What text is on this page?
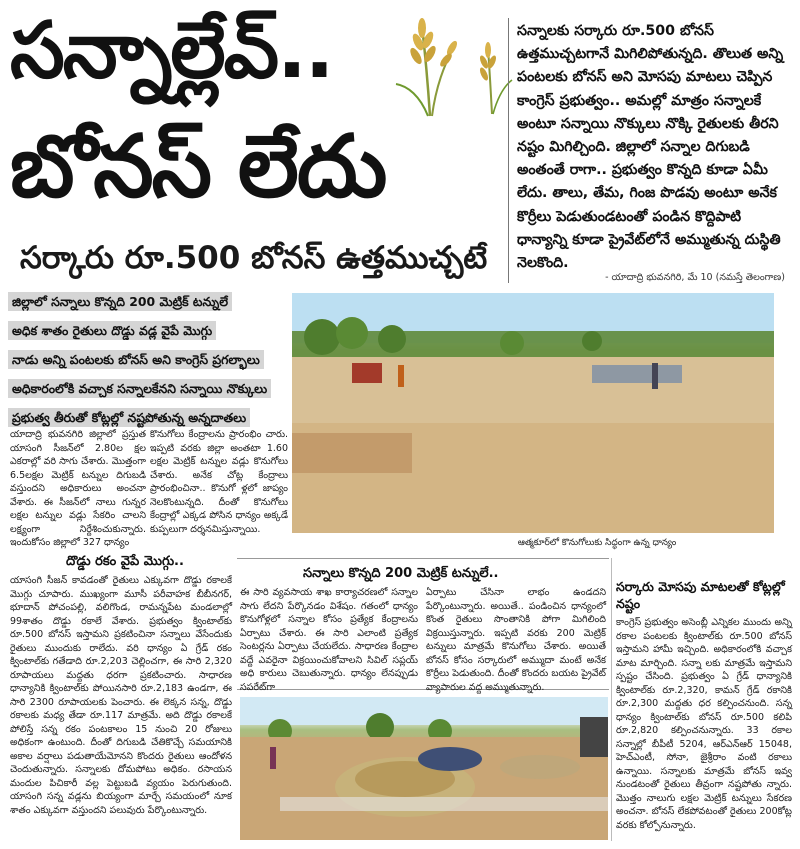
సన్నాల్లేవ్..
బోనస్ లేదు
సర్కారు రూ.500 బోనస్ ఉత్తముచ్చటే
సన్నాలకు సర్కారు రూ.500 బోనస్ ఉత్తముచ్చటగానే మిగిలిపోతున్నది. తొలుత అన్ని పంటలకు బోనస్ అని మోసపు మాటలు చెప్పిన కాంగ్రెస్ ప్రభుత్వం.. అమల్లో మాత్రం సన్నాలకే అంటూ సన్నాయి నొక్కులు నొక్కి రైతులకు తీరని నష్టం మిగిల్చింది. జిల్లాలో సన్నాల దిగుబడి అంతంతే రాగా.. ప్రభుత్వం కొన్నది కూడా ఏమీ లేదు. తాలు, తేమ, గింజ పొడవు అంటూ అనేక కొర్రీలు పెడుతుండటంతో పండిన కొద్దిపాటి ధాన్యాన్ని కూడా ప్రైవేట్‌లోనే అమ్ముతున్న దుస్థితి నెలకొంది.
- యాదాద్రి భువనగిరి, మే 10 (నమస్తే తెలంగాణ)
జిల్లాలో సన్నాలు కొన్నది 200 మెట్రిక్ టన్నులే
అధిక శాతం రైతులు దొడ్డు వడ్ల వైపే మొగ్గు
నాడు అన్ని పంటలకు బోనస్ అని కాంగ్రెస్ ప్రగల్భాలు
అధికారంలోకి వచ్చాక సన్నాలకేనని సన్నాయి నొక్కులు
ప్రభుత్వ తీరుతో కోట్లల్లో నష్టపోతున్న అన్నదాతలు
ఆత్మకూర్‌లో కొనుగోలుకు సిద్ధంగా ఉన్న ధాన్యం
యాదాద్రి భువనగిరి జిల్లాలో ప్రస్తుత యాసంగి సీజన్‌లో 2.80ల క్షల ఎకరాల్లో వరి సాగు చేశారు. మొత్తంగా 6.5లక్షల మెట్రిక్ టన్నుల దిగుబడి వస్తుందని అధికారులు అంచనా వేశారు. ఈ సీజన్‌లో నాలు గున్నర లక్షల టన్నుల వడ్లు సేకరిం చాలని లక్ష్యంగా నిర్దేశించుకున్నారు. ఇందుకోసం జిల్లాలో 327 ధాన్యం
కొనుగోలు కేంద్రాలను ప్రారంభిం చారు. ఇప్పటి వరకు జిల్లా అంతటా 1.60 లక్షల మెట్రిక్ టన్నుల వడ్లు కొనుగోలు చేశారు. అనేక చోట్ల కేంద్రాలు ప్రారంభించినా.. కొనుగో ళ్లలో జాప్యం నెలకొంటున్నది. దీంతో కొనుగోలు కేంద్రాల్లో ఎక్కడ పోసిన ధాన్యం అక్కడే కుప్పలుగా దర్శనమిస్తున్నాయి.
దొడ్డు రకం వైపే మొగ్గు..
యాసంగి సీజన్ కావడంతో రైతులు ఎక్కువగా దొడ్డు రకాలకే మొగ్గు చూపారు. ముఖ్యంగా మూసీ పరీవాహక బీబీనగర్, భూదాన్ పోచంపల్లి, వలిగొండ, రామన్నపేట మండలాల్లో 99శాతం దొడ్డు రకాలే వేశారు. ప్రభుత్వం క్వింటాల్‌కు రూ.500 బోనస్ ఇస్తామని ప్రకటించినా సన్నాలు వేసేందుకు రైతులు ముందుకు రాలేదు. వరి ధాన్యం ఏ గ్రేడ్ రకం క్వింటాల్‌కు గతేడాది రూ.2,203 చెల్లించగా, ఈ సారి 2,320 రూపాయలు మద్దతు ధరగా ప్రకటించారు. సాధారణ ధాన్యానికి క్వింటాల్‌కు పోయినసారి రూ.2,183 ఉండగా, ఈ సారి 2300 రూపాయలకు పెంచారు. ఈ లెక్కన సన్న, దొడ్డు రకాలకు మధ్య తేడా రూ.117 మాత్రమే. అది దొడ్డు రకాలకే పోలిస్తే సన్న రకం పంటకాలం 15 నుంచి 20 రోజులు అధికంగా ఉంటుంది. దీంతో దిగుబడి చేతికొచ్చే సమయానికి అకాల వర్షాలు పడుతాయేమోనని కొందరు రైతులు ఆందోళన చెందుతున్నారు. సన్నాలకు దోమపోటు అధికం. రసాయన మందుల పిచికారీ వల్ల పెట్టుబడి వ్యయం పెరుగుతుంది. యాసంగి సన్న వడ్లను బియ్యంగా మార్చే సమయంలో నూక శాతం ఎక్కువగా వస్తుందని పలువురు పేర్కొంటున్నారు.
సన్నాలు కొన్నది 200 మెట్రిక్ టన్నులే..
ఈ సారి వ్యవసాయ శాఖ కార్యాచరణలో సన్నాల సాగు లేదని పేర్కొనడం విశేషం. గతంలో ధాన్యం కొనుగోళ్లలో సన్నాల కోసం ప్రత్యేక కేంద్రాలను ఏర్పాటు చేశారు. ఈ సారి ఎలాంటి ప్రత్యేక సెంటర్లను ఏర్పాటు చేయలేదు. సాధారణ కేంద్రాల వద్దే ఎవరైనా విక్రయించుకోవాలని సివిల్ సప్లయ్ అధి కారులు చెబుతున్నారు. ధాన్యం లేనప్పుడు సపరేట్‌గా
ఏర్పాటు చేసినా లాభం ఉండదని పేర్కొంటున్నారు. అయితే.. పండించిన ధాన్యంలో కొంత రైతులు సొంతానికి పోగా మిగిలింది విక్రయిస్తున్నారు. ఇప్పటి వరకు 200 మెట్రిక్ టన్నులు మాత్రమే కొనుగోలు చేశారు. అయితే బోనస్ కోసం సర్కారులో అమ్ముదా మంటే అనేక కొర్రీలు పెడుతుంది. దీంతో కొందరు బయట ప్రైవేట్ వ్యాపారుల వద్ద అమ్ముతున్నారు.
సర్కారు మోసపు మాటలతో కోట్లల్లో నష్టం
కాంగ్రెస్ ప్రభుత్వం అసెంబ్లీ ఎన్నికల ముందు అన్ని రకాల పంటలకు క్వింటాల్‌కు రూ.500 బోనస్ ఇస్తామని హామీ ఇచ్చింది. అధికారంలోకి వచ్చాక మాట మార్చింది. సన్నా లకు మాత్రమే ఇస్తామని స్పష్టం చేసింది. ప్రభుత్వం ఏ గ్రేడ్ ధాన్యానికి క్వింటాల్‌కు రూ.2,320, కామన్ గ్రేడ్ రకానికి రూ.2,300 మద్దతు ధర కల్పించనుంది. సన్న ధాన్యం క్వింటాల్‌కు బోనస్ రూ.500 కలిపి రూ.2,820 కల్పించనున్నారు. 33 రకాల సన్నాల్లో బీపీటీ 5204, ఆర్ఎన్ఆర్ 15048, హెచ్ఎంటీ, సోనా, జైశ్రీరాం వంటి రకాలు ఉన్నాయి. సన్నాలకు మాత్రమే బోనస్ ఇవ్వ నుండటంతో రైతులు తీవ్రంగా నష్టపోతు న్నారు. మొత్తం నాలుగు లక్షల మెట్రిక్ టన్నులు సేకరణ అంచనా. బోనస్ లేకపోవటంతో రైతులు 200కోట్ల వరకు కోల్పోనున్నారు.
